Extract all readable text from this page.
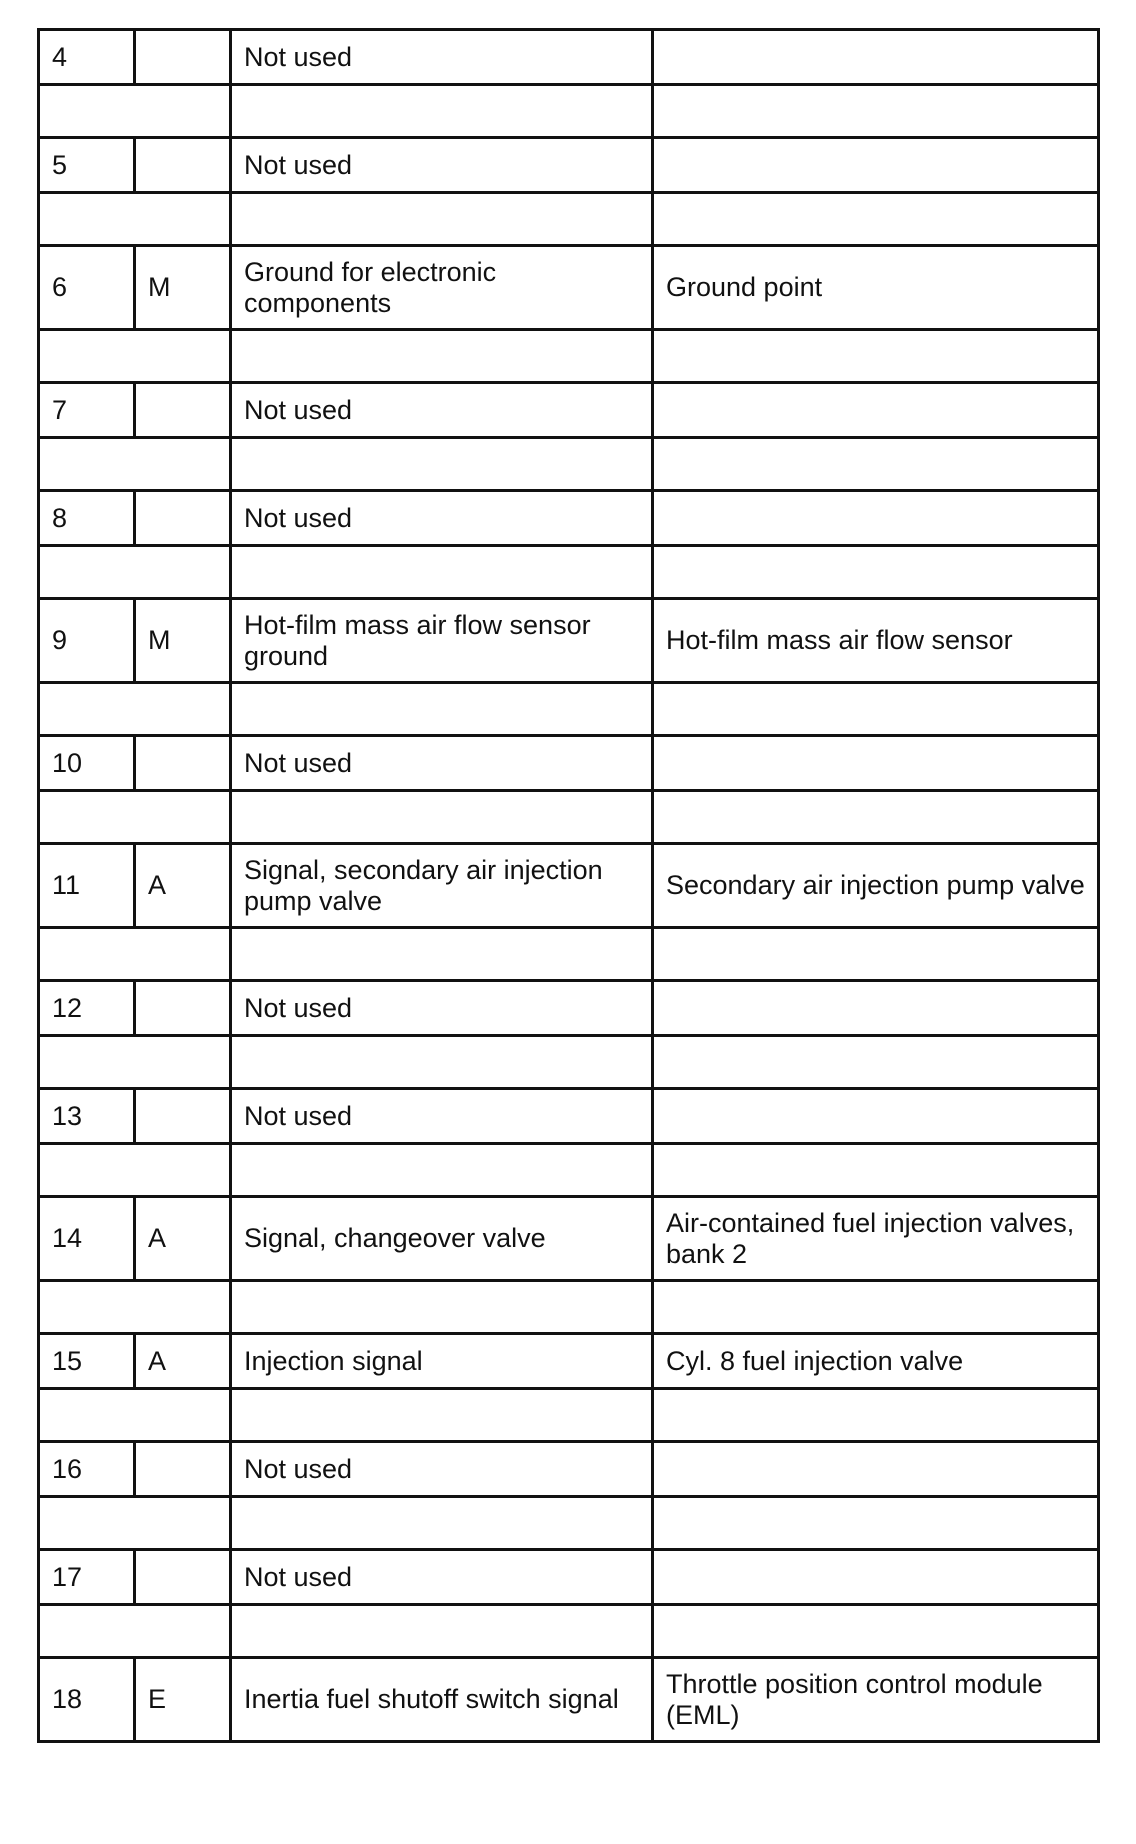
4		Not used	

5		Not used	

6	M	Ground for electronic components	Ground point

7		Not used	

8		Not used	

9	M	Hot-film mass air flow sensor ground	Hot-film mass air flow sensor

10		Not used	

11	A	Signal, secondary air injection pump valve	Secondary air injection pump valve

12		Not used	

13		Not used	

14	A	Signal, changeover valve	Air-contained fuel injection valves, bank 2

15	A	Injection signal	Cyl. 8 fuel injection valve

16		Not used	

17		Not used	

18	E	Inertia fuel shutoff switch signal	Throttle position control module (EML)
